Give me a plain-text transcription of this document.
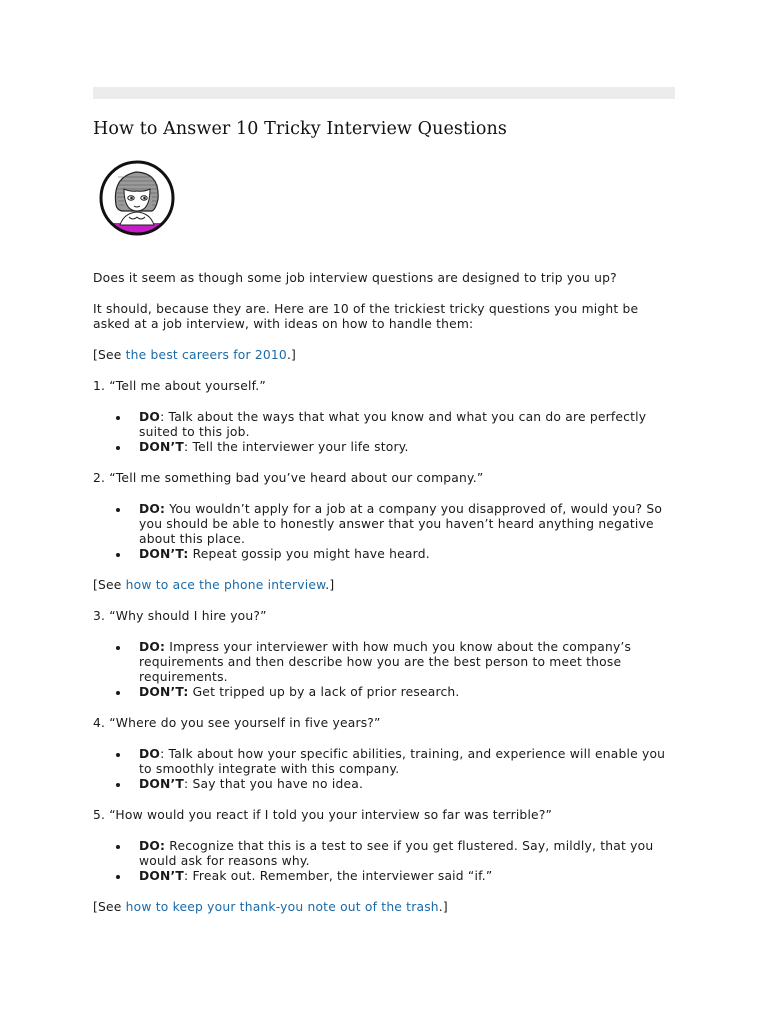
How to Answer 10 Tricky Interview Questions

Does it seem as though some job interview questions are designed to trip you up?

It should, because they are. Here are 10 of the trickiest tricky questions you might be asked at a job interview, with ideas on how to handle them:

[See the best careers for 2010.]

1. “Tell me about yourself.”

DO: Talk about the ways that what you know and what you can do are perfectly suited to this job.
DON’T: Tell the interviewer your life story.

2. “Tell me something bad you’ve heard about our company.”

DO: You wouldn’t apply for a job at a company you disapproved of, would you? So you should be able to honestly answer that you haven’t heard anything negative about this place.
DON’T: Repeat gossip you might have heard.

[See how to ace the phone interview.]

3. “Why should I hire you?”

DO: Impress your interviewer with how much you know about the company’s requirements and then describe how you are the best person to meet those requirements.
DON’T: Get tripped up by a lack of prior research.

4. “Where do you see yourself in five years?”

DO: Talk about how your specific abilities, training, and experience will enable you to smoothly integrate with this company.
DON’T: Say that you have no idea.

5. “How would you react if I told you your interview so far was terrible?”

DO: Recognize that this is a test to see if you get flustered. Say, mildly, that you would ask for reasons why.
DON’T: Freak out. Remember, the interviewer said “if.”

[See how to keep your thank-you note out of the trash.]
